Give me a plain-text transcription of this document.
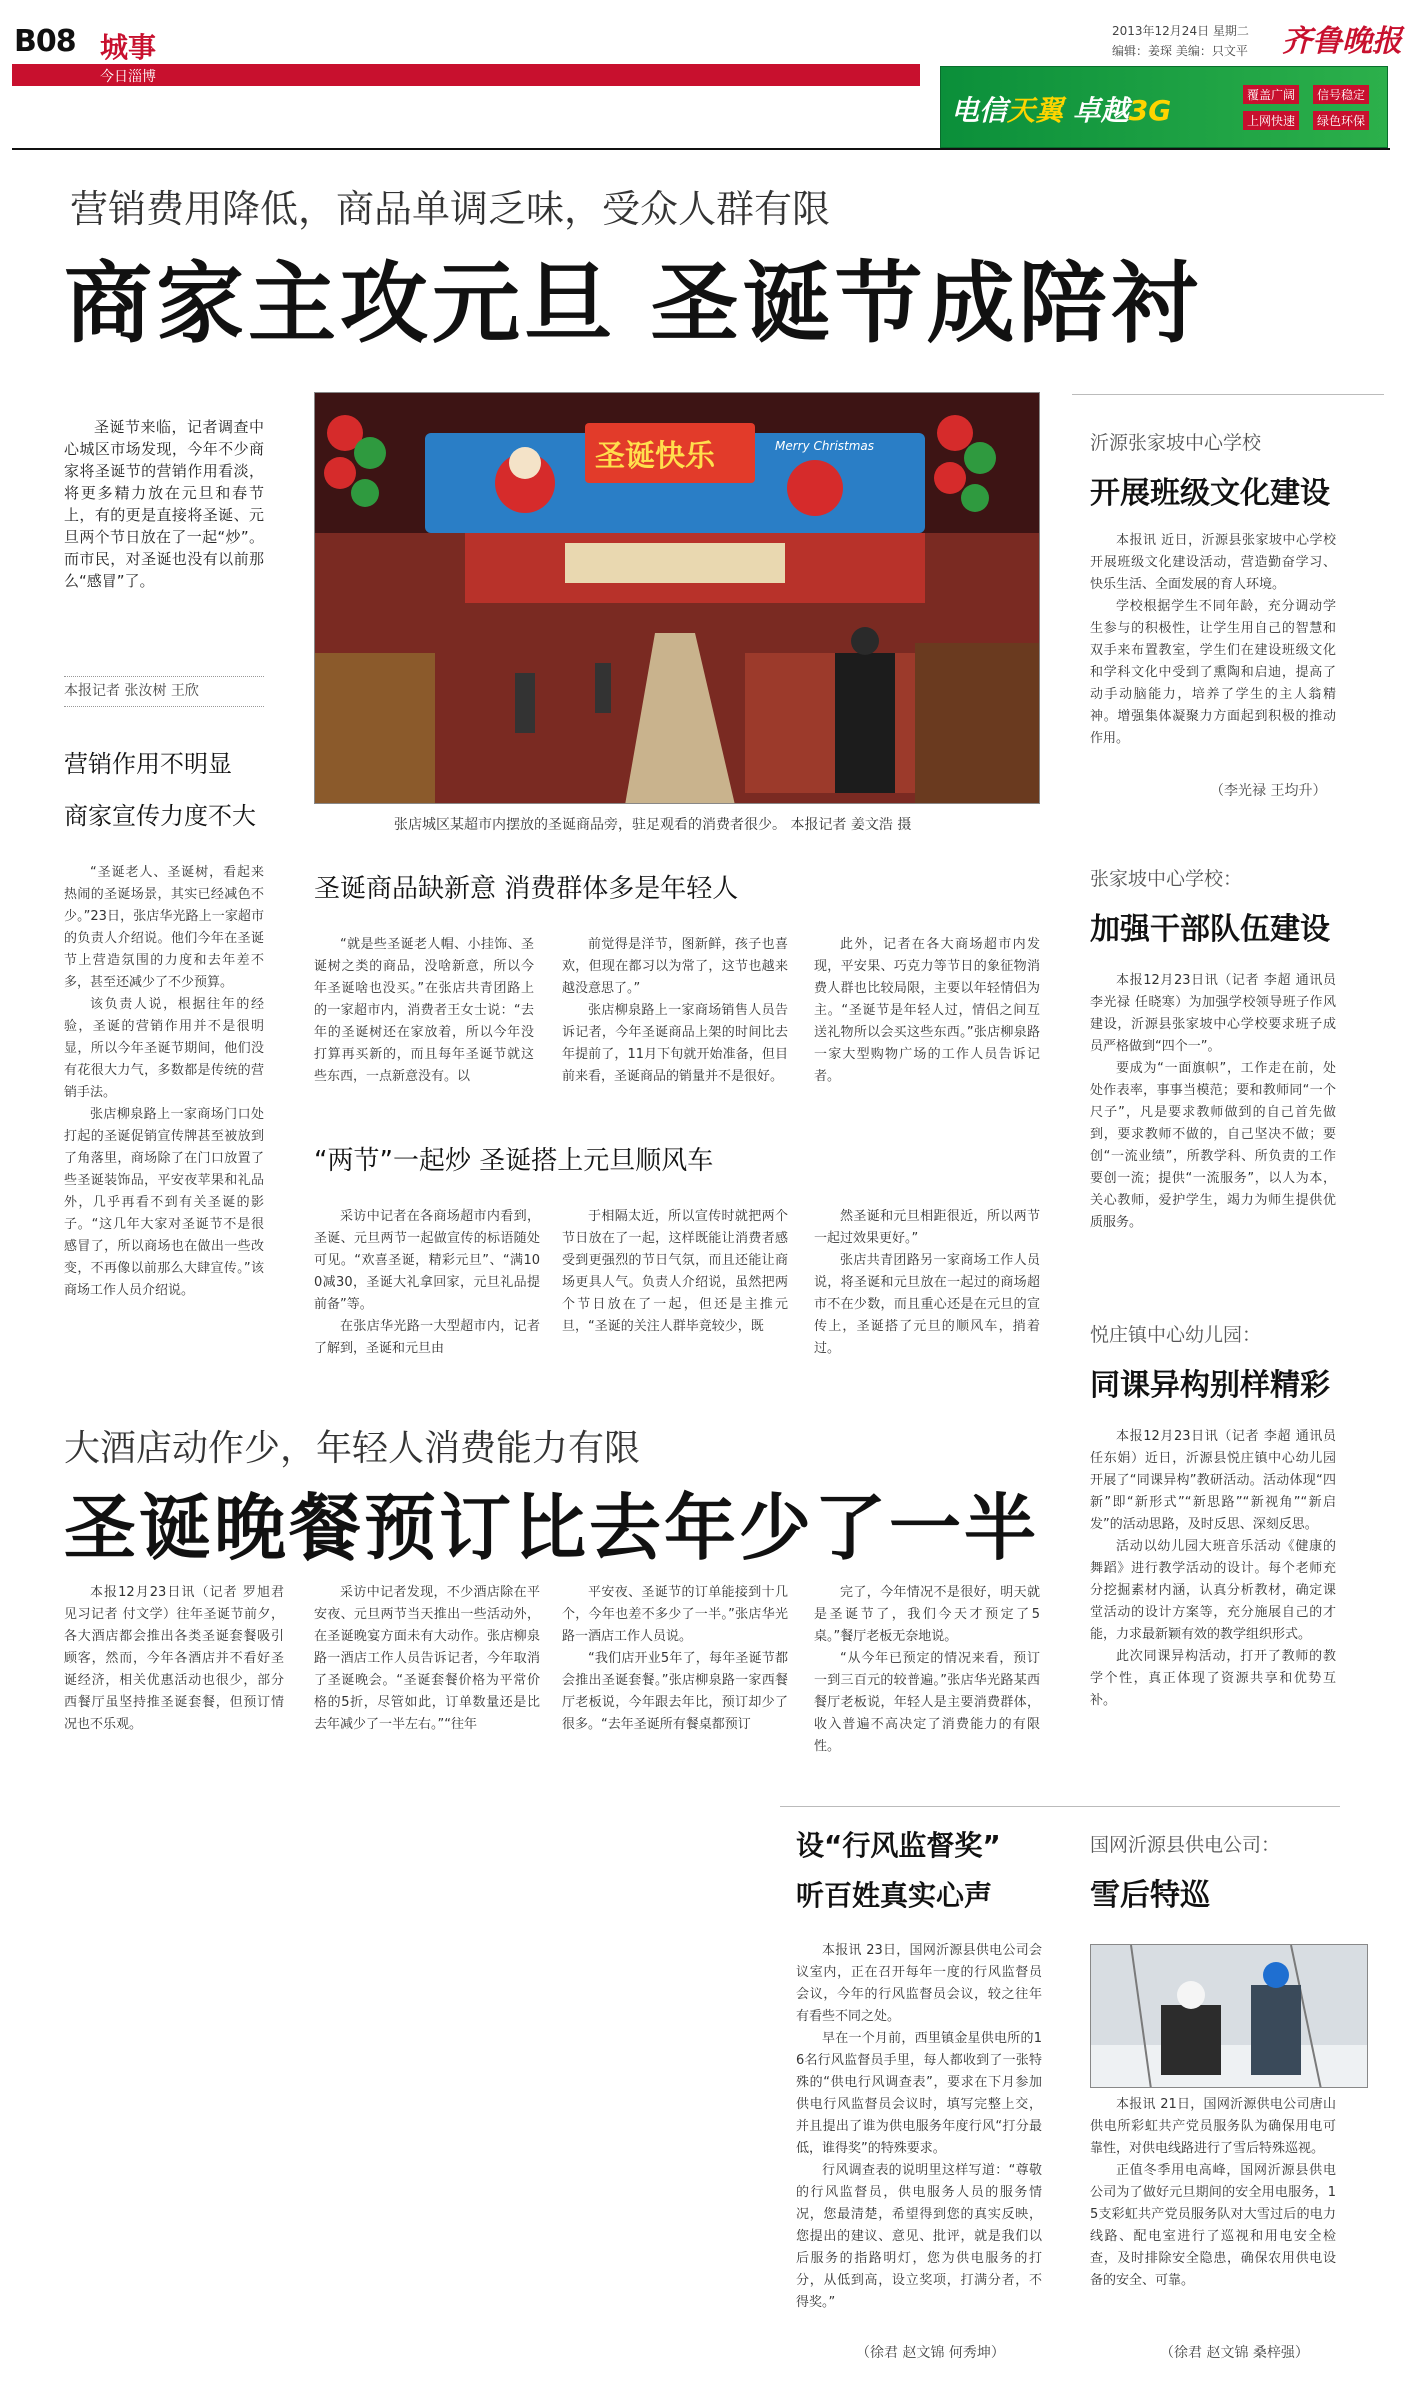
B08 城事
今日淄博
2013年12月24日 星期二
编辑：姜琛 美编：只文平 齐鲁晚报
电信天翼 卓越3G	覆盖广阔
上网快速
信号稳定
绿色环保
营销费用降低，商品单调乏味，受众人群有限
商家主攻元旦 圣诞节成陪衬

圣诞节来临，记者调查中心城区市场发现，今年不少商家将圣诞节的营销作用看淡，将更多精力放在元旦和春节上，有的更是直接将圣诞、元旦两个节日放在了一起“炒”。而市民，对圣诞也没有以前那么“感冒”了。

本报记者 张汝树 王欣
营销作用不明显
商家宣传力度不大

“圣诞老人、圣诞树，看起来热闹的圣诞场景，其实已经减色不少。”23日，张店华光路上一家超市的负责人介绍说。他们今年在圣诞节上营造氛围的力度和去年差不多，甚至还减少了不少预算。

该负责人说，根据往年的经验，圣诞的营销作用并不是很明显，所以今年圣诞节期间，他们没有花很大力气，多数都是传统的营销手法。

张店柳泉路上一家商场门口处打起的圣诞促销宣传牌甚至被放到了角落里，商场除了在门口放置了些圣诞装饰品，平安夜苹果和礼品外，几乎再看不到有关圣诞的影子。“这几年大家对圣诞节不是很感冒了，所以商场也在做出一些改变，不再像以前那么大肆宣传。”该商场工作人员介绍说。

圣诞快乐	Merry Christmas
张店城区某超市内摆放的圣诞商品旁，驻足观看的消费者很少。 本报记者 姜文浩 摄
圣诞商品缺新意 消费群体多是年轻人

“就是些圣诞老人帽、小挂饰、圣诞树之类的商品，没啥新意，所以今年圣诞啥也没买。”在张店共青团路上的一家超市内，消费者王女士说：“去年的圣诞树还在家放着，所以今年没打算再买新的，而且每年圣诞节就这些东西，一点新意没有。以

前觉得是洋节，图新鲜，孩子也喜欢，但现在都习以为常了，这节也越来越没意思了。”

张店柳泉路上一家商场销售人员告诉记者，今年圣诞商品上架的时间比去年提前了，11月下旬就开始准备，但目前来看，圣诞商品的销量并不是很好。

此外，记者在各大商场超市内发现，平安果、巧克力等节日的象征物消费人群也比较局限，主要以年轻情侣为主。“圣诞节是年轻人过，情侣之间互送礼物所以会买这些东西。”张店柳泉路一家大型购物广场的工作人员告诉记者。

“两节”一起炒 圣诞搭上元旦顺风车

采访中记者在各商场超市内看到，圣诞、元旦两节一起做宣传的标语随处可见。“欢喜圣诞，精彩元旦”、“满100减30，圣诞大礼拿回家，元旦礼品提前备”等。

在张店华光路一大型超市内，记者了解到，圣诞和元旦由

于相隔太近，所以宣传时就把两个节日放在了一起，这样既能让消费者感受到更强烈的节日气氛，而且还能让商场更具人气。负责人介绍说，虽然把两个节日放在了一起，但还是主推元旦，“圣诞的关注人群毕竟较少，既

然圣诞和元旦相距很近，所以两节一起过效果更好。”

张店共青团路另一家商场工作人员说，将圣诞和元旦放在一起过的商场超市不在少数，而且重心还是在元旦的宣传上，圣诞搭了元旦的顺风车，捎着过。

沂源张家坡中心学校
开展班级文化建设

本报讯 近日，沂源县张家坡中心学校开展班级文化建设活动，营造勤奋学习、快乐生活、全面发展的育人环境。

学校根据学生不同年龄，充分调动学生参与的积极性，让学生用自己的智慧和双手来布置教室，学生们在建设班级文化和学科文化中受到了熏陶和启迪，提高了动手动脑能力，培养了学生的主人翁精神。增强集体凝聚力方面起到积极的推动作用。

（李光禄 王均升）
张家坡中心学校：
加强干部队伍建设

本报12月23日讯（记者 李超 通讯员 李光禄 任晓寒）为加强学校领导班子作风建设，沂源县张家坡中心学校要求班子成员严格做到“四个一”。

要成为“一面旗帜”，工作走在前，处处作表率，事事当模范；要和教师同“一个尺子”，凡是要求教师做到的自己首先做到，要求教师不做的，自己坚决不做；要创“一流业绩”，所教学科、所负责的工作要创一流；提供“一流服务”，以人为本，关心教师，爱护学生，竭力为师生提供优质服务。

悦庄镇中心幼儿园：
同课异构别样精彩

本报12月23日讯（记者 李超 通讯员 任东娟）近日，沂源县悦庄镇中心幼儿园开展了“同课异构”教研活动。活动体现“四新”即“新形式”“新思路”“新视角”“新启发”的活动思路，及时反思、深刻反思。

活动以幼儿园大班音乐活动《健康的舞蹈》进行教学活动的设计。每个老师充分挖掘素材内涵，认真分析教材，确定课堂活动的设计方案等，充分施展自己的才能，力求最新颖有效的教学组织形式。

此次同课异构活动，打开了教师的教学个性，真正体现了资源共享和优势互补。

大酒店动作少，年轻人消费能力有限
圣诞晚餐预订比去年少了一半

本报12月23日讯（记者 罗旭君 见习记者 付文学）往年圣诞节前夕，各大酒店都会推出各类圣诞套餐吸引顾客，然而，今年各酒店并不看好圣诞经济，相关优惠活动也很少，部分西餐厅虽坚持推圣诞套餐，但预订情况也不乐观。

采访中记者发现，不少酒店除在平安夜、元旦两节当天推出一些活动外，在圣诞晚宴方面未有大动作。张店柳泉路一酒店工作人员告诉记者，今年取消了圣诞晚会。“圣诞套餐价格为平常价格的5折，尽管如此，订单数量还是比去年减少了一半左右。”“往年

平安夜、圣诞节的订单能接到十几个，今年也差不多少了一半。”张店华光路一酒店工作人员说。

“我们店开业5年了，每年圣诞节都会推出圣诞套餐。”张店柳泉路一家西餐厅老板说，今年跟去年比，预订却少了很多。“去年圣诞所有餐桌都预订

完了，今年情况不是很好，明天就是圣诞节了，我们今天才预定了5桌。”餐厅老板无奈地说。

“从今年已预定的情况来看，预订一到三百元的较普遍。”张店华光路某西餐厅老板说，年轻人是主要消费群体，收入普遍不高决定了消费能力的有限性。

设“行风监督奖”
听百姓真实心声

本报讯 23日，国网沂源县供电公司会议室内，正在召开每年一度的行风监督员会议，今年的行风监督员会议，较之往年有看些不同之处。

早在一个月前，西里镇金星供电所的16名行风监督员手里，每人都收到了一张特殊的“供电行风调查表”，要求在下月参加供电行风监督员会议时，填写完整上交，并且提出了谁为供电服务年度行风“打分最低，谁得奖”的特殊要求。

行风调查表的说明里这样写道：“尊敬的行风监督员，供电服务人员的服务情况，您最清楚，希望得到您的真实反映，您提出的建议、意见、批评，就是我们以后服务的指路明灯，您为供电服务的打分，从低到高，设立奖项，打满分者，不得奖。”

（徐君 赵文锦 何秀坤）
国网沂源县供电公司：
雪后特巡

本报讯 21日，国网沂源供电公司唐山供电所彩虹共产党员服务队为确保用电可靠性，对供电线路进行了雪后特殊巡视。

正值冬季用电高峰，国网沂源县供电公司为了做好元旦期间的安全用电服务，15支彩虹共产党员服务队对大雪过后的电力线路、配电室进行了巡视和用电安全检查，及时排除安全隐患，确保农用供电设备的安全、可靠。

（徐君 赵文锦 桑梓强）
